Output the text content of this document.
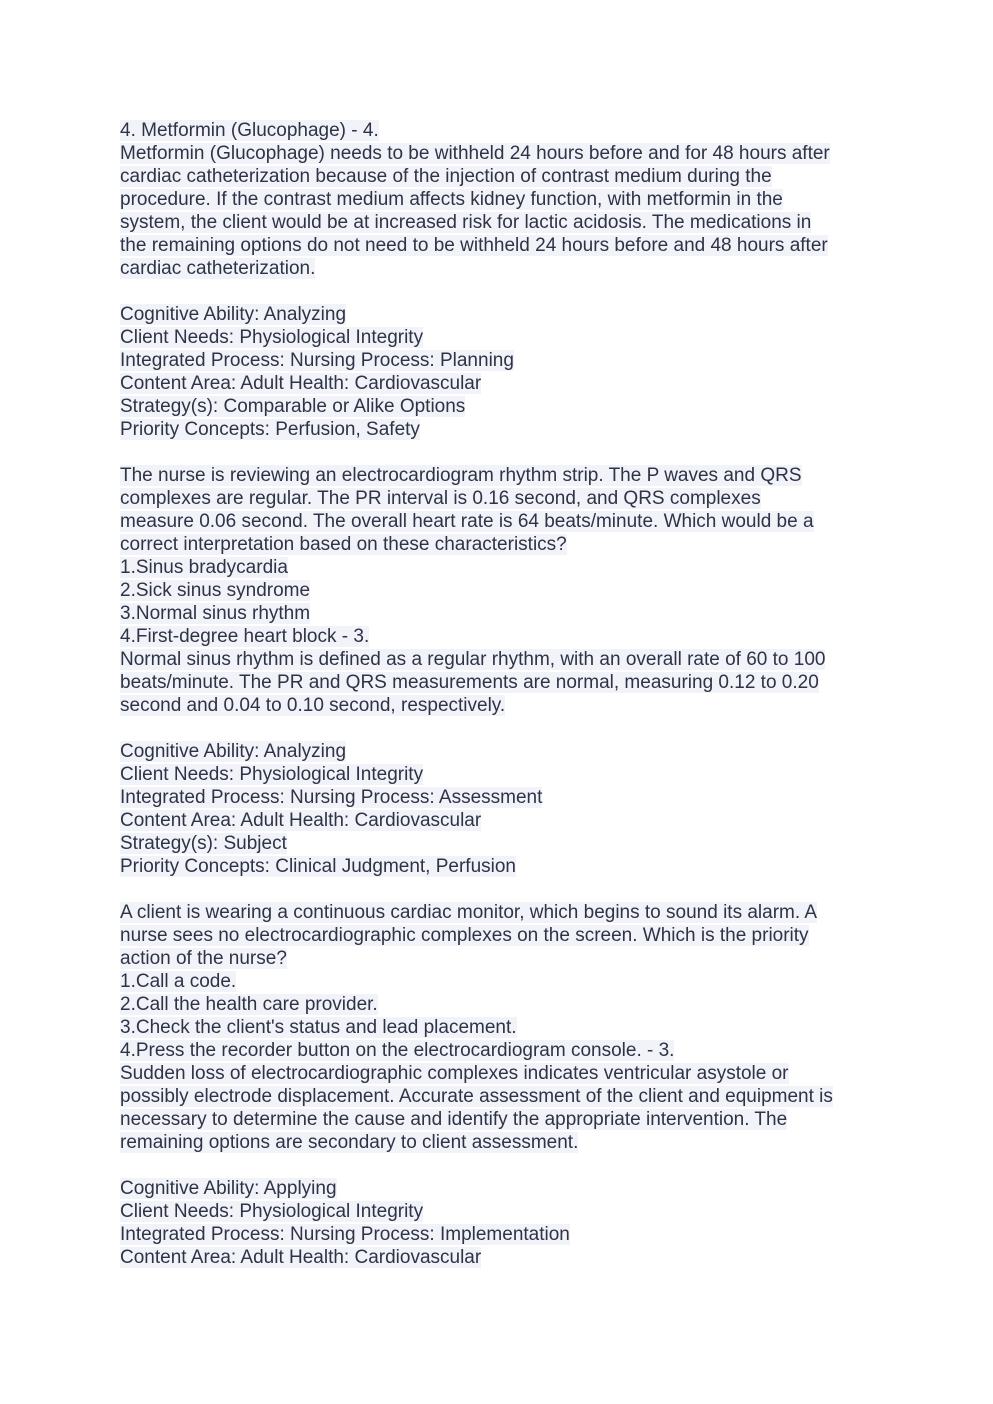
4. Metformin (Glucophage) - 4.
Metformin (Glucophage) needs to be withheld 24 hours before and for 48 hours after
cardiac catheterization because of the injection of contrast medium during the
procedure. If the contrast medium affects kidney function, with metformin in the
system, the client would be at increased risk for lactic acidosis. The medications in
the remaining options do not need to be withheld 24 hours before and 48 hours after
cardiac catheterization.
Cognitive Ability: Analyzing
Client Needs: Physiological Integrity
Integrated Process: Nursing Process: Planning
Content Area: Adult Health: Cardiovascular
Strategy(s): Comparable or Alike Options
Priority Concepts: Perfusion, Safety
The nurse is reviewing an electrocardiogram rhythm strip. The P waves and QRS
complexes are regular. The PR interval is 0.16 second, and QRS complexes
measure 0.06 second. The overall heart rate is 64 beats/minute. Which would be a
correct interpretation based on these characteristics?
1.Sinus bradycardia
2.Sick sinus syndrome
3.Normal sinus rhythm
4.First-degree heart block - 3.
Normal sinus rhythm is defined as a regular rhythm, with an overall rate of 60 to 100
beats/minute. The PR and QRS measurements are normal, measuring 0.12 to 0.20
second and 0.04 to 0.10 second, respectively.
Cognitive Ability: Analyzing
Client Needs: Physiological Integrity
Integrated Process: Nursing Process: Assessment
Content Area: Adult Health: Cardiovascular
Strategy(s): Subject
Priority Concepts: Clinical Judgment, Perfusion
A client is wearing a continuous cardiac monitor, which begins to sound its alarm. A
nurse sees no electrocardiographic complexes on the screen. Which is the priority
action of the nurse?
1.Call a code.
2.Call the health care provider.
3.Check the client's status and lead placement.
4.Press the recorder button on the electrocardiogram console. - 3.
Sudden loss of electrocardiographic complexes indicates ventricular asystole or
possibly electrode displacement. Accurate assessment of the client and equipment is
necessary to determine the cause and identify the appropriate intervention. The
remaining options are secondary to client assessment.
Cognitive Ability: Applying
Client Needs: Physiological Integrity
Integrated Process: Nursing Process: Implementation
Content Area: Adult Health: Cardiovascular
